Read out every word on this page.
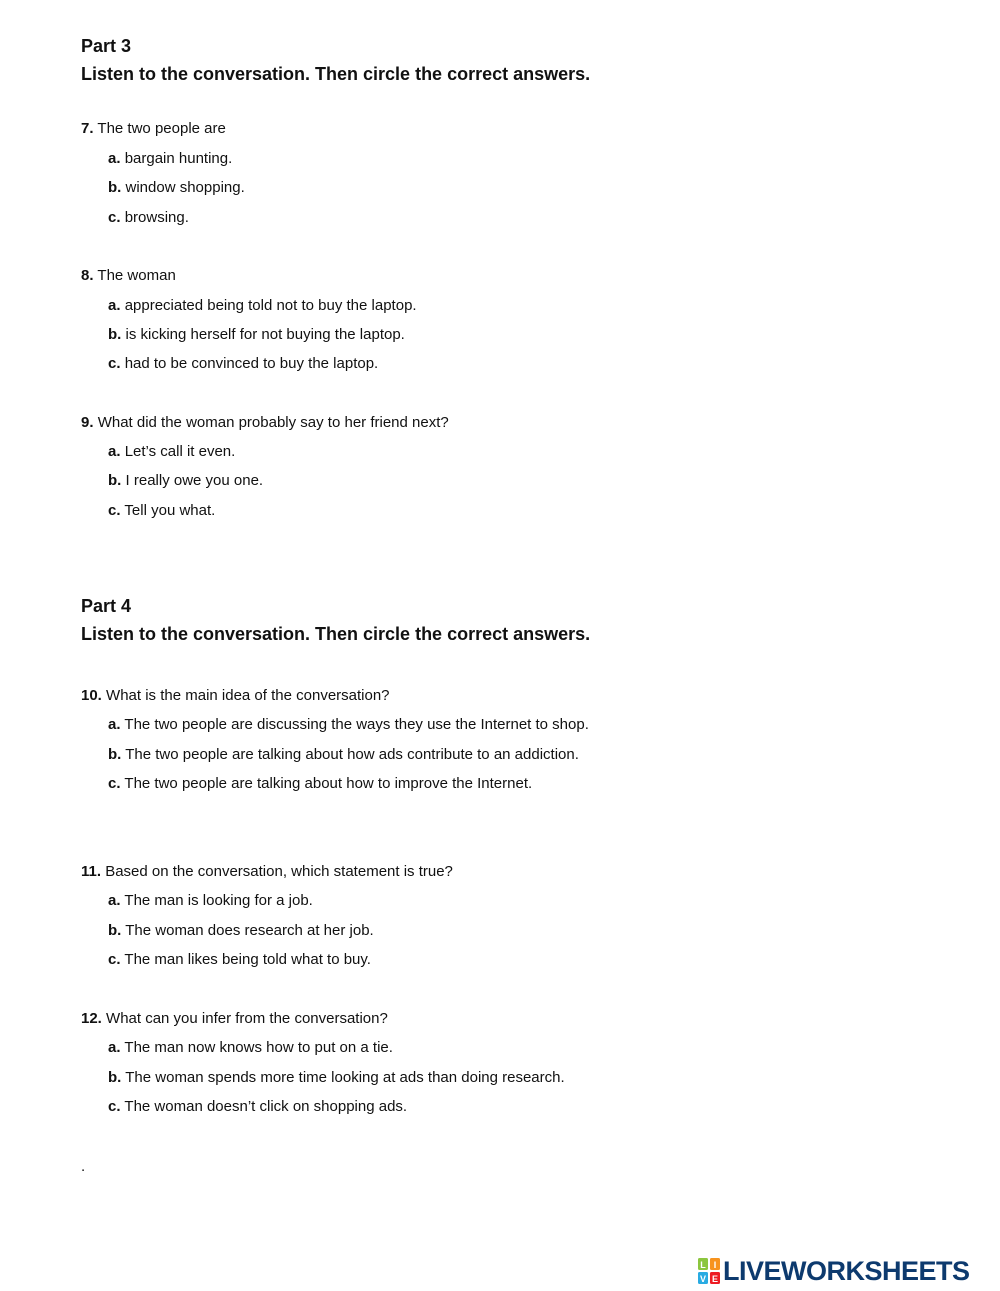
Part 3
Listen to the conversation. Then circle the correct answers.
7. The two people are
a. bargain hunting.
b. window shopping.
c. browsing.
8. The woman
a. appreciated being told not to buy the laptop.
b. is kicking herself for not buying the laptop.
c. had to be convinced to buy the laptop.
9. What did the woman probably say to her friend next?
a. Let’s call it even.
b. I really owe you one.
c. Tell you what.
Part 4
Listen to the conversation. Then circle the correct answers.
10. What is the main idea of the conversation?
a. The two people are discussing the ways they use the Internet to shop.
b. The two people are talking about how ads contribute to an addiction.
c. The two people are talking about how to improve the Internet.
11. Based on the conversation, which statement is true?
a. The man is looking for a job.
b. The woman does research at her job.
c. The man likes being told what to buy.
12. What can you infer from the conversation?
a. The man now knows how to put on a tie.
b. The woman spends more time looking at ads than doing research.
c. The woman doesn’t click on shopping ads.
.
L I
V E LIVEWORKSHEETS
